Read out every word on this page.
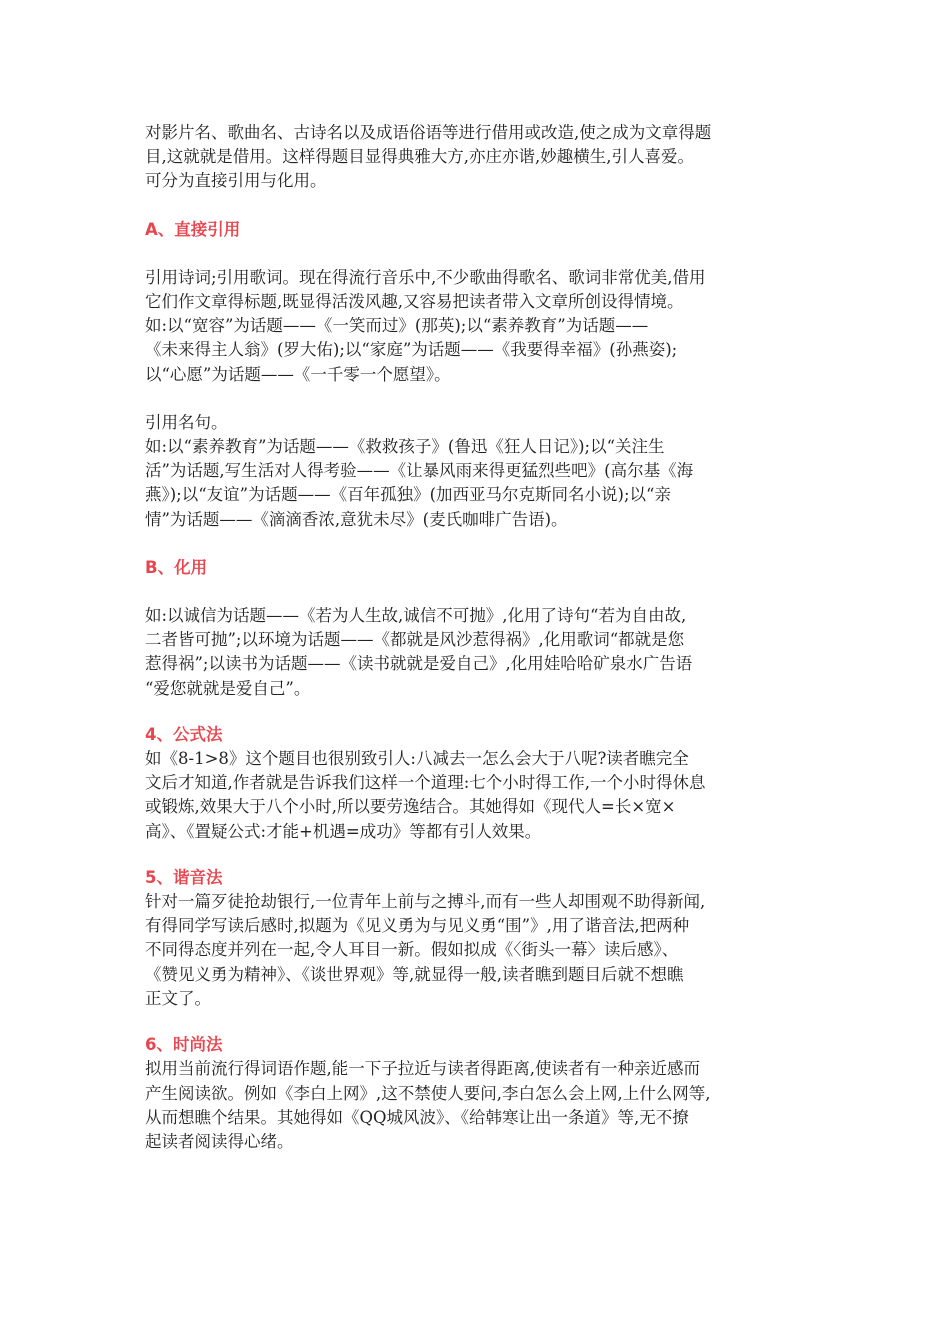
对影片名、歌曲名、古诗名以及成语俗语等进行借用或改造,使之成为文章得题
目,这就就是借用。这样得题目显得典雅大方,亦庄亦谐,妙趣横生,引人喜爱。
可分为直接引用与化用。

A、直接引用

引用诗词;引用歌词。现在得流行音乐中,不少歌曲得歌名、歌词非常优美,借用
它们作文章得标题,既显得活泼风趣,又容易把读者带入文章所创设得情境。
如:以“宽容”为话题——《一笑而过》(那英);以“素养教育”为话题——
《未来得主人翁》(罗大佑);以“家庭”为话题——《我要得幸福》(孙燕姿);
以“心愿”为话题——《一千零一个愿望》。

引用名句。
如:以“素养教育”为话题——《救救孩子》(鲁迅《狂人日记》);以“关注生
活”为话题,写生活对人得考验——《让暴风雨来得更猛烈些吧》(高尔基《海
燕》);以“友谊”为话题——《百年孤独》(加西亚马尔克斯同名小说);以“亲
情”为话题——《滴滴香浓,意犹未尽》(麦氏咖啡广告语)。

B、化用

如:以诚信为话题——《若为人生故,诚信不可抛》,化用了诗句“若为自由故,
二者皆可抛”;以环境为话题——《都就是风沙惹得祸》,化用歌词“都就是您
惹得祸”;以读书为话题——《读书就就是爱自己》,化用娃哈哈矿泉水广告语
“爱您就就是爱自己”。

4、公式法

如《8-1>8》这个题目也很别致引人:八减去一怎么会大于八呢?读者瞧完全
文后才知道,作者就是告诉我们这样一个道理:七个小时得工作,一个小时得休息
或锻炼,效果大于八个小时,所以要劳逸结合。其她得如《现代人=长×宽×
高》、《置疑公式:才能+机遇=成功》等都有引人效果。

5、谐音法

针对一篇歹徒抢劫银行,一位青年上前与之搏斗,而有一些人却围观不助得新闻,
有得同学写读后感时,拟题为《见义勇为与见义勇“围”》,用了谐音法,把两种
不同得态度并列在一起,令人耳目一新。假如拟成《〈街头一幕〉读后感》、
《赞见义勇为精神》、《谈世界观》等,就显得一般,读者瞧到题目后就不想瞧
正文了。

6、时尚法

拟用当前流行得词语作题,能一下子拉近与读者得距离,使读者有一种亲近感而
产生阅读欲。例如《李白上网》,这不禁使人要问,李白怎么会上网,上什么网等,
从而想瞧个结果。其她得如《QQ城风波》、《给韩寒让出一条道》等,无不撩
起读者阅读得心绪。
